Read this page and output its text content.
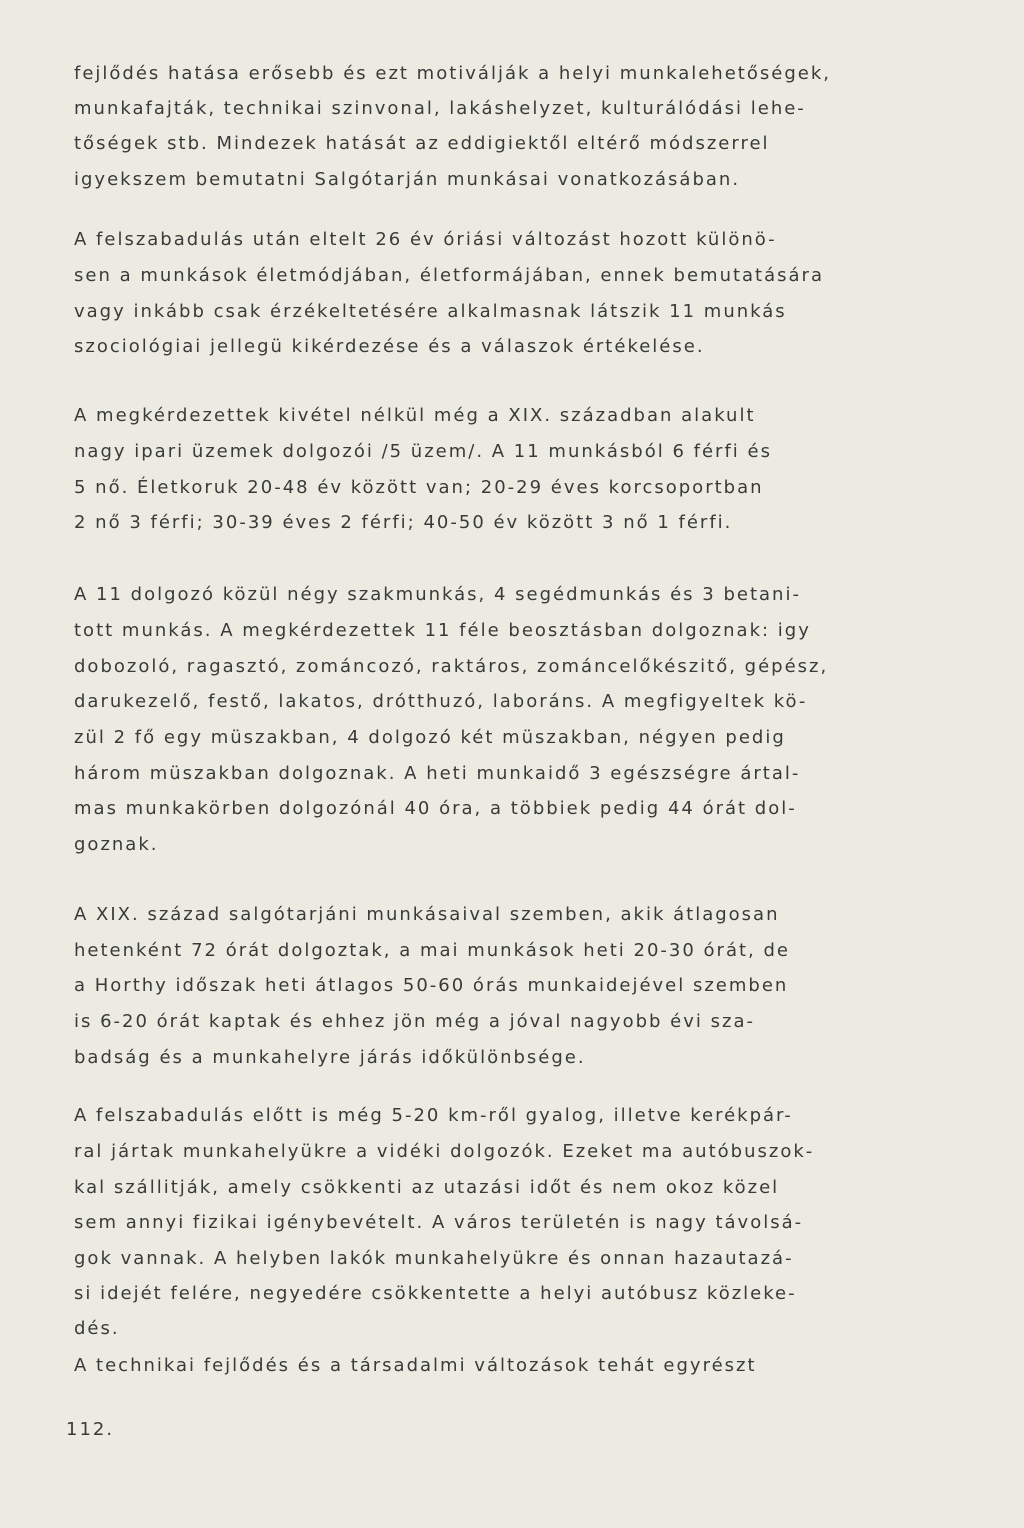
fejlődés hatása erősebb és ezt motiválják a helyi munkalehetőségek,
munkafajták, technikai szinvonal, lakáshelyzet, kulturálódási lehe-
tőségek stb. Mindezek hatását az eddigiektől eltérő módszerrel
igyekszem bemutatni Salgótarján munkásai vonatkozásában.
A felszabadulás után eltelt 26 év óriási változást hozott különö-
sen a munkások életmódjában, életformájában, ennek bemutatására
vagy inkább csak érzékeltetésére alkalmasnak látszik 11 munkás
szociológiai jellegü kikérdezése és a válaszok értékelése.
A megkérdezettek kivétel nélkül még a XIX. században alakult
nagy ipari üzemek dolgozói /5 üzem/. A 11 munkásból 6 férfi és
5 nő. Életkoruk 20-48 év között van; 20-29 éves korcsoportban
2 nő 3 férfi; 30-39 éves 2 férfi; 40-50 év között 3 nő 1 férfi.
A 11 dolgozó közül négy szakmunkás, 4 segédmunkás és 3 betani-
tott munkás. A megkérdezettek 11 féle beosztásban dolgoznak: igy
dobozoló, ragasztó, zománcozó, raktáros, zománcelőkészitő, gépész,
darukezelő, festő, lakatos, drótthuzó, laboráns. A megfigyeltek kö-
zül 2 fő egy müszakban, 4 dolgozó két müszakban, négyen pedig
három müszakban dolgoznak. A heti munkaidő 3 egészségre ártal-
mas munkakörben dolgozónál 40 óra, a többiek pedig 44 órát dol-
goznak.
A XIX. század salgótarjáni munkásaival szemben, akik átlagosan
hetenként 72 órát dolgoztak, a mai munkások heti 20-30 órát, de
a Horthy időszak heti átlagos 50-60 órás munkaidejével szemben
is 6-20 órát kaptak és ehhez jön még a jóval nagyobb évi sza-
badság és a munkahelyre járás időkülönbsége.
A felszabadulás előtt is még 5-20 km-ről gyalog, illetve kerékpár-
ral jártak munkahelyükre a vidéki dolgozók. Ezeket ma autóbuszok-
kal szállitják, amely csökkenti az utazási időt és nem okoz közel
sem annyi fizikai igénybevételt. A város területén is nagy távolsá-
gok vannak. A helyben lakók munkahelyükre és onnan hazautazá-
si idejét felére, negyedére csökkentette a helyi autóbusz közleke-
dés.
A technikai fejlődés és a társadalmi változások tehát egyrészt
112.
